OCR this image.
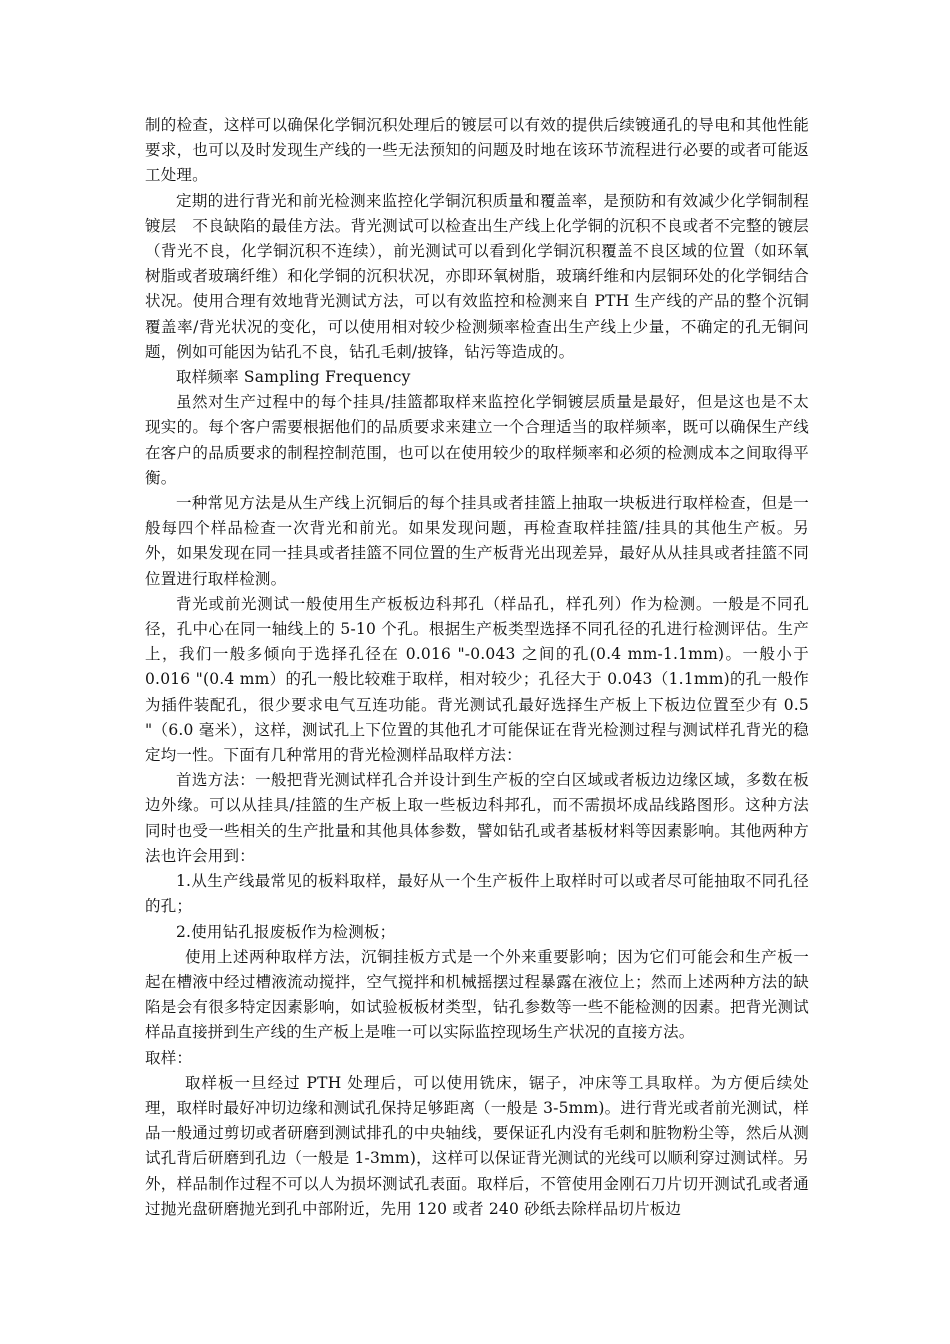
制的检查，这样可以确保化学铜沉积处理后的镀层可以有效的提供后续镀通孔的导电和其他性能要求，也可以及时发现生产线的一些无法预知的问题及时地在该环节流程进行必要的或者可能返工处理。

定期的进行背光和前光检测来监控化学铜沉积质量和覆盖率，是预防和有效减少化学铜制程镀层　不良缺陷的最佳方法。背光测试可以检查出生产线上化学铜的沉积不良或者不完整的镀层（背光不良，化学铜沉积不连续），前光测试可以看到化学铜沉积覆盖不良区域的位置（如环氧树脂或者玻璃纤维）和化学铜的沉积状况，亦即环氧树脂，玻璃纤维和内层铜环处的化学铜结合状况。使用合理有效地背光测试方法，可以有效监控和检测来自 PTH 生产线的产品的整个沉铜覆盖率/背光状况的变化，可以使用相对较少检测频率检查出生产线上少量，不确定的孔无铜问题，例如可能因为钻孔不良，钻孔毛刺/披锋，钻污等造成的。

取样频率 Sampling Frequency

虽然对生产过程中的每个挂具/挂篮都取样来监控化学铜镀层质量是最好，但是这也是不太现实的。每个客户需要根据他们的品质要求来建立一个合理适当的取样频率，既可以确保生产线在客户的品质要求的制程控制范围，也可以在使用较少的取样频率和必须的检测成本之间取得平衡。

一种常见方法是从生产线上沉铜后的每个挂具或者挂篮上抽取一块板进行取样检查，但是一般每四个样品检查一次背光和前光。如果发现问题，再检查取样挂篮/挂具的其他生产板。另外，如果发现在同一挂具或者挂篮不同位置的生产板背光出现差异，最好从从挂具或者挂篮不同位置进行取样检测。

背光或前光测试一般使用生产板板边科邦孔（样品孔，样孔列）作为检测。一般是不同孔径，孔中心在同一轴线上的 5-10 个孔。根据生产板类型选择不同孔径的孔进行检测评估。生产上，我们一般多倾向于选择孔径在 0.016 "-0.043 之间的孔(0.4 mm-1.1mm)。一般小于 0.016 "(0.4 mm）的孔一般比较难于取样，相对较少；孔径大于 0.043（1.1mm)的孔一般作为插件装配孔，很少要求电气互连功能。背光测试孔最好选择生产板上下板边位置至少有 0.5 "（6.0 毫米），这样，测试孔上下位置的其他孔才可能保证在背光检测过程与测试样孔背光的稳定均一性。下面有几种常用的背光检测样品取样方法：

首选方法：一般把背光测试样孔合并设计到生产板的空白区域或者板边边缘区域，多数在板边外缘。可以从挂具/挂篮的生产板上取一些板边科邦孔，而不需损坏成品线路图形。这种方法同时也受一些相关的生产批量和其他具体参数，譬如钻孔或者基板材料等因素影响。其他两种方法也许会用到：

1.从生产线最常见的板料取样，最好从一个生产板件上取样时可以或者尽可能抽取不同孔径的孔；

2.使用钻孔报废板作为检测板；

使用上述两种取样方法，沉铜挂板方式是一个外来重要影响；因为它们可能会和生产板一起在槽液中经过槽液流动搅拌，空气搅拌和机械摇摆过程暴露在液位上；然而上述两种方法的缺陷是会有很多特定因素影响，如试验板板材类型，钻孔参数等一些不能检测的因素。把背光测试样品直接拼到生产线的生产板上是唯一可以实际监控现场生产状况的直接方法。

取样：

取样板一旦经过 PTH 处理后，可以使用铣床，锯子，冲床等工具取样。为方便后续处理，取样时最好冲切边缘和测试孔保持足够距离（一般是 3-5mm)。进行背光或者前光测试，样品一般通过剪切或者研磨到测试排孔的中央轴线，要保证孔内没有毛刺和脏物粉尘等，然后从测试孔背后研磨到孔边（一般是 1-3mm)，这样可以保证背光测试的光线可以顺利穿过测试样。另外，样品制作过程不可以人为损坏测试孔表面。取样后，不管使用金刚石刀片切开测试孔或者通过抛光盘研磨抛光到孔中部附近，先用 120 或者 240 砂纸去除样品切片板边
